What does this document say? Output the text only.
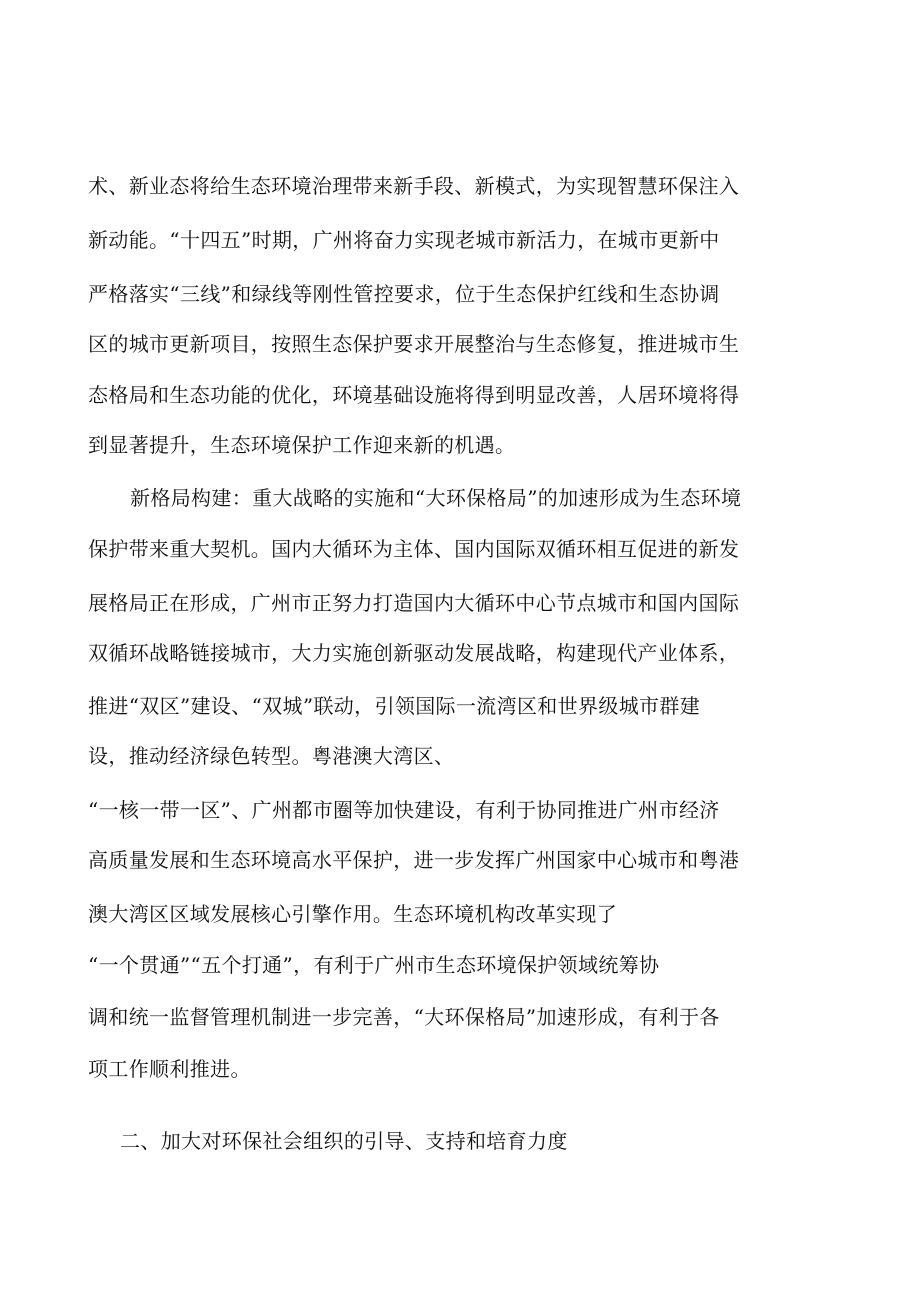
术、新业态将给生态环境治理带来新手段、新模式，为实现智慧环保注入
新动能。“十四五”时期，广州将奋力实现老城市新活力，在城市更新中
严格落实“三线”和绿线等刚性管控要求，位于生态保护红线和生态协调
区的城市更新项目，按照生态保护要求开展整治与生态修复，推进城市生
态格局和生态功能的优化，环境基础设施将得到明显改善，人居环境将得
到显著提升，生态环境保护工作迎来新的机遇。
新格局构建：重大战略的实施和“大环保格局”的加速形成为生态环境
保护带来重大契机。国内大循环为主体、国内国际双循环相互促进的新发
展格局正在形成，广州市正努力打造国内大循环中心节点城市和国内国际
双循环战略链接城市，大力实施创新驱动发展战略，构建现代产业体系，
推进“双区”建设、“双城”联动，引领国际一流湾区和世界级城市群建
设，推动经济绿色转型。粤港澳大湾区、
“一核一带一区”、广州都市圈等加快建设，有利于协同推进广州市经济
高质量发展和生态环境高水平保护，进一步发挥广州国家中心城市和粤港
澳大湾区区域发展核心引擎作用。生态环境机构改革实现了
“一个贯通”“五个打通”，有利于广州市生态环境保护领域统筹协
调和统一监督管理机制进一步完善，“大环保格局”加速形成，有利于各
项工作顺利推进。
二、加大对环保社会组织的引导、支持和培育力度
